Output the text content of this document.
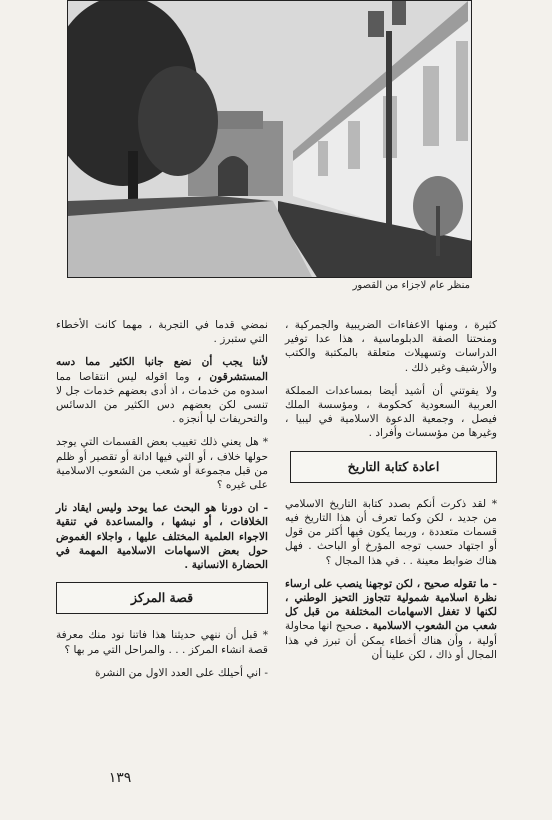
منظر عام لاجزاء من القصور

كثيرة ، ومنها الاعفاءات الضريبية والجمركية ، ومنحتنا الصفة الدبلوماسية ، هذا عدا توفير الدراسات وتسهيلات متعلقة بالمكتبة والكتب والأرشيف وغير ذلك .

ولا يفوتني أن أشيد أيضا بمساعدات المملكة العربية السعودية كحكومة ، ومؤسسة الملك فيصل ، وجمعية الدعوة الاسلامية في ليبيا ، وغيرها من مؤسسات وأفراد .

اعادة كتابة التاريخ

* لقد ذكرت أنكم بصدد كتابة التاريخ الاسلامي من جديد ، لكن وكما تعرف أن هذا التاريخ فيه قسمات متعددة ، وربما يكون فيها أكثر من قول أو اجتهاد حسب توجه المؤرخ أو الباحث . فهل هناك ضوابط معينة . . في هذا المجال ؟

- ما تقوله صحيح ، لكن توجهنا ينصب على ارساء نظرة اسلامية شمولية تتجاوز التحيز الوطني ، لكنها لا تغفل الاسهامات المختلفة من قبل كل شعب من الشعوب الاسلامية . صحيح انها محاولة أولية ، وأن هناك أخطاء يمكن أن تبرز في هذا المجال أو ذاك ، لكن علينا أن

نمضي قدما في التجربة ، مهما كانت الأخطاء التي ستبرز .

لأننا يجب أن نضع جانبا الكثير مما دسه المستشرقون ، وما اقوله ليس انتقاصا مما اسدوه من خدمات ، اذ أدى بعضهم خدمات جل لا تنسى لكن بعضهم دس الكثير من الدسائس والتحريفات ليا أنجزه .

* هل يعني ذلك تغييب بعض القسمات التي يوجد حولها خلاف ، أو التي فيها ادانة أو تقصير أو ظلم من قبل مجموعة أو شعب من الشعوب الاسلامية على غيره ؟

- ان دورنا هو البحث عما يوحد وليس ايقاد نار الخلافات ، أو نبشها ، والمساعدة في تنقية الاجواء العلمية المختلف عليها ، واجلاء الغموض حول بعض الاسهامات الاسلامية المهمة في الحضارة الانسانية .

قصة المركز

* قبل أن ننهي حديثنا هذا فاتنا نود منك معرفة قصة انشاء المركز . . . والمراحل التي مر بها ؟

- اني أحيلك على العدد الاول من النشرة

١٣٩
